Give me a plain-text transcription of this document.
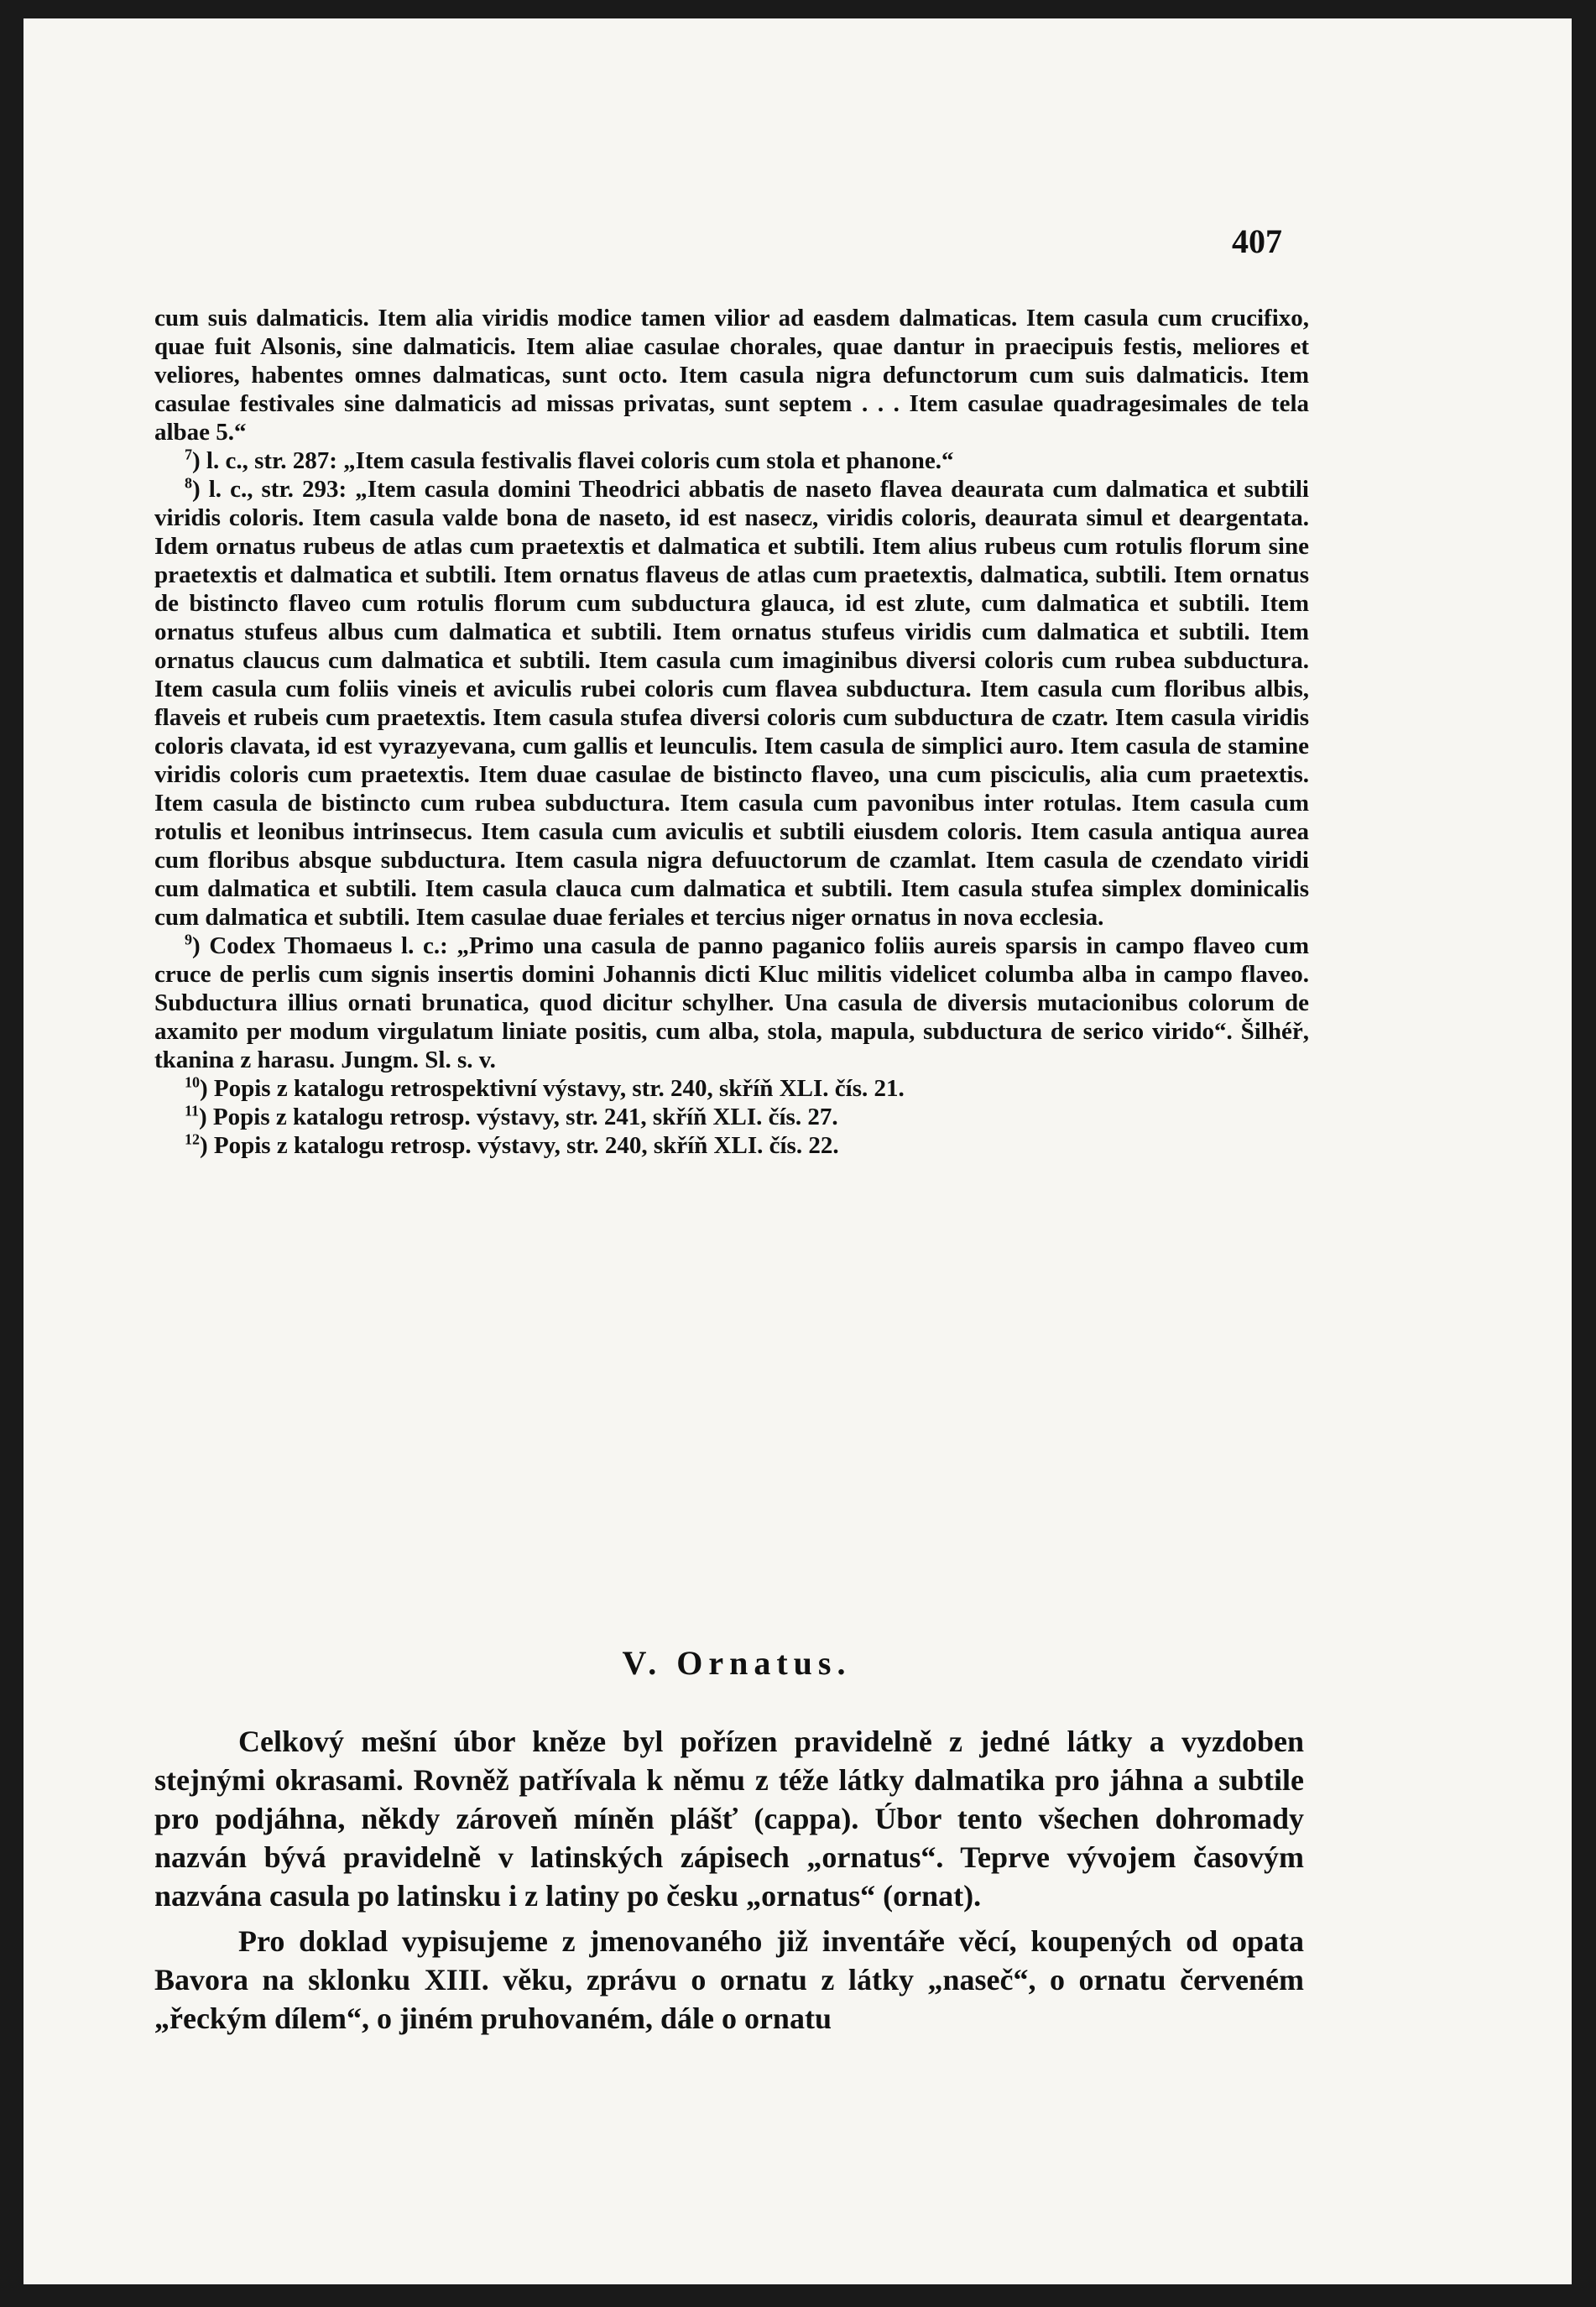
407

cum suis dalmaticis. Item alia viridis modice tamen vilior ad easdem dalmaticas. Item casula cum crucifixo, quae fuit Alsonis, sine dalmaticis. Item aliae casulae chorales, quae dantur in praecipuis festis, meliores et veliores, habentes omnes dalmaticas, sunt octo. Item casula nigra defunctorum cum suis dalmaticis. Item casulae festivales sine dalmaticis ad missas privatas, sunt septem . . . Item casulae quadragesimales de tela albae 5.“

$^7$) l. c., str. 287: „Item casula festivalis flavei coloris cum stola et phanone.“

$^8$) l. c., str. 293: „Item casula domini Theodrici abbatis de naseto flavea deaurata cum dalmatica et subtili viridis coloris. Item casula valde bona de naseto, id est nasecz, viridis coloris, deaurata simul et deargentata. Idem ornatus rubeus de atlas cum praetextis et dalmatica et subtili. Item alius rubeus cum rotulis florum sine praetextis et dalmatica et subtili. Item ornatus flaveus de atlas cum praetextis, dalmatica, subtili. Item ornatus de bistincto flaveo cum rotulis florum cum subductura glauca, id est zlute, cum dalmatica et subtili. Item ornatus stufeus albus cum dalmatica et subtili. Item ornatus stufeus viridis cum dalmatica et subtili. Item ornatus claucus cum dalmatica et subtili. Item casula cum imaginibus diversi coloris cum rubea subductura. Item casula cum foliis vineis et aviculis rubei coloris cum flavea subductura. Item casula cum floribus albis, flaveis et rubeis cum praetextis. Item casula stufea diversi coloris cum subductura de czatr. Item casula viridis coloris clavata, id est vyrazyevana, cum gallis et leunculis. Item casula de simplici auro. Item casula de stamine viridis coloris cum praetextis. Item duae casulae de bistincto flaveo, una cum pisciculis, alia cum praetextis. Item casula de bistincto cum rubea subductura. Item casula cum pavonibus inter rotulas. Item casula cum rotulis et leonibus intrinsecus. Item casula cum aviculis et subtili eiusdem coloris. Item casula antiqua aurea cum floribus absque subductura. Item casula nigra defuuctorum de czamlat. Item casula de czendato viridi cum dalmatica et subtili. Item casula clauca cum dalmatica et subtili. Item casula stufea simplex dominicalis cum dalmatica et subtili. Item casulae duae feriales et tercius niger ornatus in nova ecclesia.

$^9$) Codex Thomaeus l. c.: „Primo una casula de panno paganico foliis aureis sparsis in campo flaveo cum cruce de perlis cum signis insertis domini Johannis dicti Kluc militis videlicet columba alba in campo flaveo. Subductura illius ornati brunatica, quod dicitur schylher. Una casula de diversis mutacionibus colorum de axamito per modum virgulatum liniate positis, cum alba, stola, mapula, subductura de serico virido“. Šilhéř, tkanina z harasu. Jungm. Sl. s. v.

$^{10}$) Popis z katalogu retrospektivní výstavy, str. 240, skříň XLI. čís. 21.

$^{11}$) Popis z katalogu retrosp. výstavy, str. 241, skříň XLI. čís. 27.

$^{12}$) Popis z katalogu retrosp. výstavy, str. 240, skříň XLI. čís. 22.

V. Ornatus.

Celkový mešní úbor kněze byl pořízen pravidelně z jedné látky a vyzdoben stejnými okrasami. Rovněž patřívala k němu z téže látky dalmatika pro jáhna a subtile pro podjáhna, někdy zároveň míněn plášť (cappa). Úbor tento všechen dohromady nazván bývá pravidelně v latinských zápisech „ornatus“. Teprve vývojem časovým nazvána casula po latinsku i z latiny po česku „ornatus“ (ornat).

Pro doklad vypisujeme z jmenovaného již inventáře věcí, koupených od opata Bavora na sklonku XIII. věku, zprávu o ornatu z látky „naseč“, o ornatu červeném „řeckým dílem“, o jiném pruhovaném, dále o ornatu
